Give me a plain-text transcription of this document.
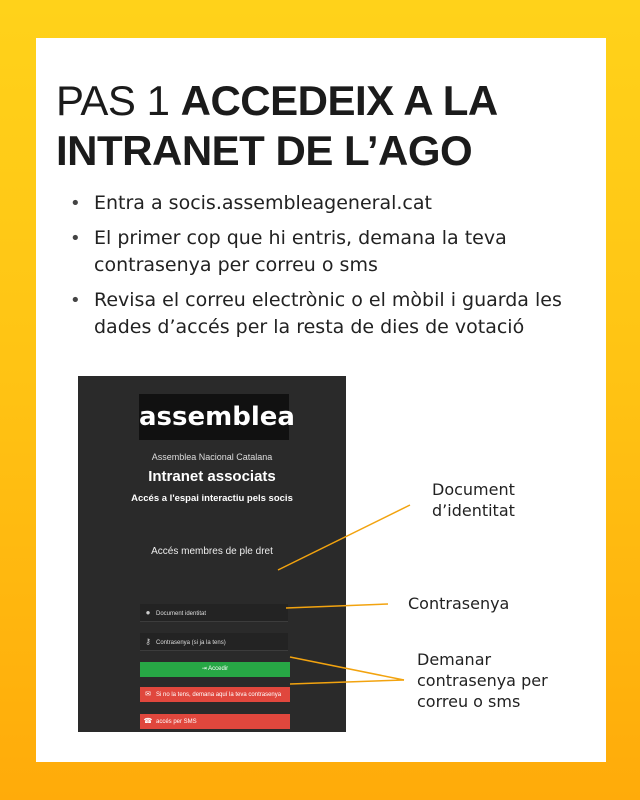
PAS 1 ACCEDEIX A LA INTRANET DE L’AGO
• Entra a socis.assembleageneral.cat
• El primer cop que hi entris, demana la teva contrasenya per correu o sms
• Revisa el correu electrònic o el mòbil i guarda les dades d’accés per la resta de dies de votació
assemblea
Assemblea Nacional Catalana
Intranet associats
Accés a l'espai interactiu pels socis
Accés membres de ple dret
● Document identitat
⚷ Contrasenya (si ja la tens)
⇥ Accedir
✉ Si no la tens, demana aquí la teva contrasenya
☎ accés per SMS
Aconsegueix la teva contrasenya per correu!
Document d’identitat
Contrasenya
Demanar contrasenya per correu o sms
